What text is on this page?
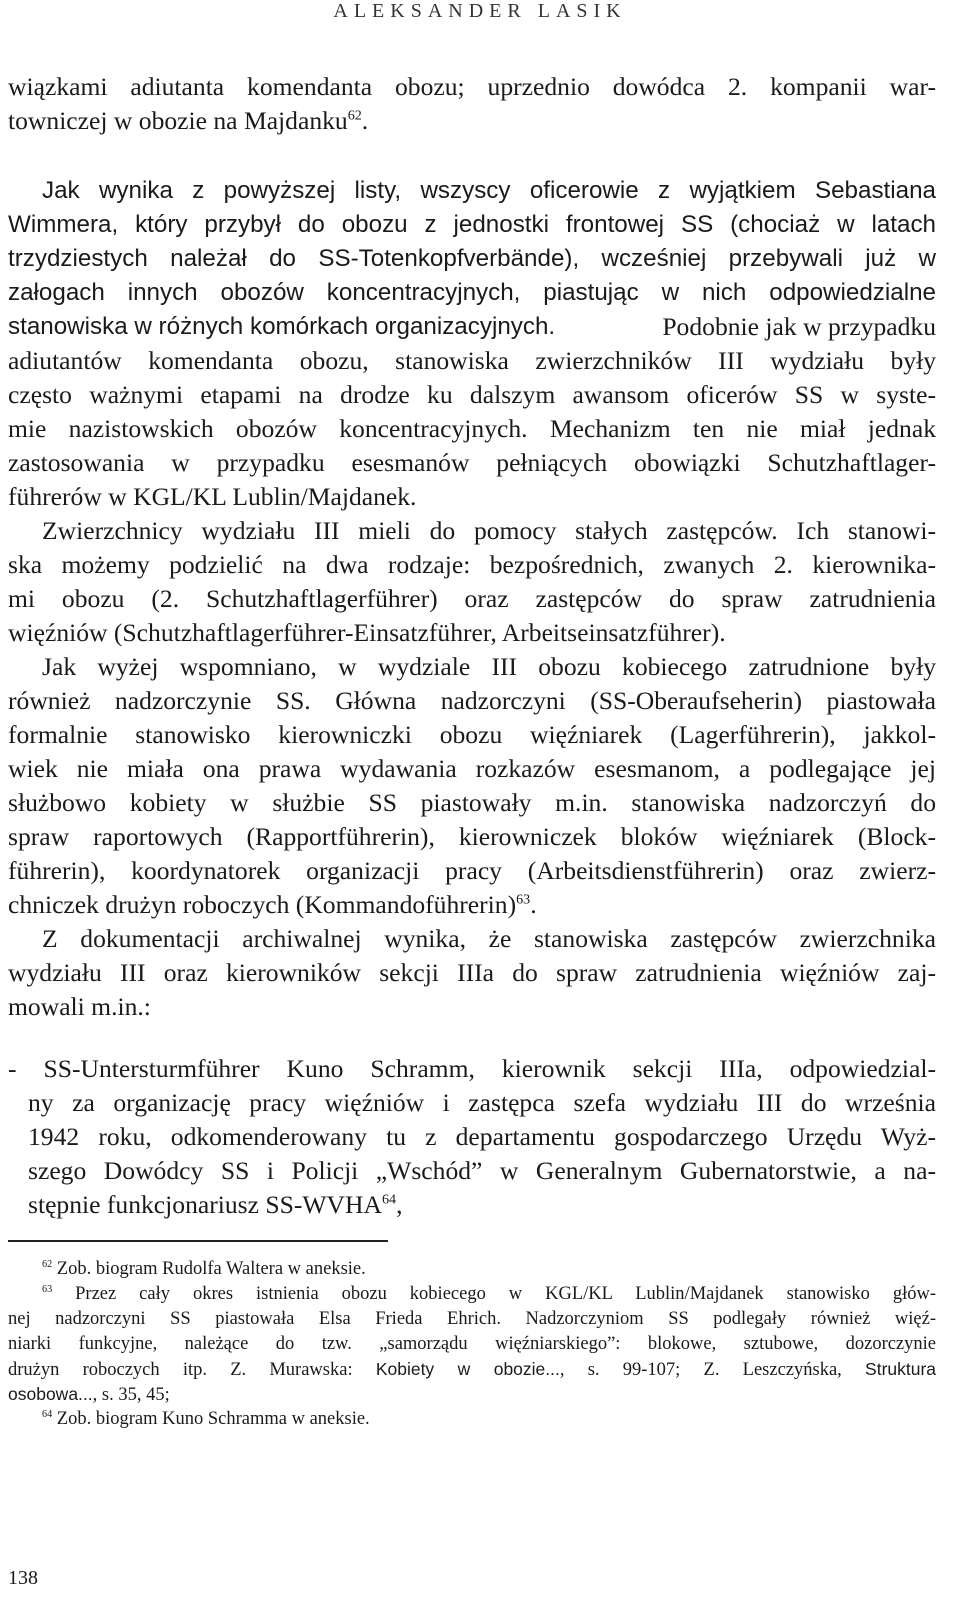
ALEKSANDER LASIK
wiązkami adiutanta komendanta obozu; uprzednio dowódca 2. kompanii war-
towniczej w obozie na Majdanku$^{62}$.
Jak wynika z powyższej listy, wszyscy oficerowie z wyjątkiem Sebastiana
Wimmera, który przybył do obozu z jednostki frontowej SS (chociaż w latach
trzydziestych należał do SS-Totenkopfverbände), wcześniej przebywali już w
załogach innych obozów koncentracyjnych, piastując w nich odpowiedzialne
stanowiska w różnych komórkach organizacyjnych.	Podobnie jak w przypadku
adiutantów komendanta obozu, stanowiska zwierzchników III wydziału były
często ważnymi etapami na drodze ku dalszym awansom oficerów SS w syste-
mie nazistowskich obozów koncentracyjnych. Mechanizm ten nie miał jednak
zastosowania w przypadku esesmanów pełniących obowiązki Schutzhaftlager-
führerów w KGL/KL Lublin/Majdanek.
Zwierzchnicy wydziału III mieli do pomocy stałych zastępców. Ich stanowi-
ska możemy podzielić na dwa rodzaje: bezpośrednich, zwanych 2. kierownika-
mi obozu (2. Schutzhaftlagerführer) oraz zastępców do spraw zatrudnienia
więźniów (Schutzhaftlagerführer-Einsatzführer, Arbeitseinsatzführer).
Jak wyżej wspomniano, w wydziale III obozu kobiecego zatrudnione były
również nadzorczynie SS. Główna nadzorczyni (SS-Oberaufseherin) piastowała
formalnie stanowisko kierowniczki obozu więźniarek (Lagerführerin), jakkol-
wiek nie miała ona prawa wydawania rozkazów esesmanom, a podlegające jej
służbowo kobiety w służbie SS piastowały m.in. stanowiska nadzorczyń do
spraw raportowych (Rapportführerin), kierowniczek bloków więźniarek (Block-
führerin), koordynatorek organizacji pracy (Arbeitsdienstführerin) oraz zwierz-
chniczek drużyn roboczych (Kommandoführerin)$^{63}$.
Z dokumentacji archiwalnej wynika, że stanowiska zastępców zwierzchnika
wydziału III oraz kierowników sekcji IIIa do spraw zatrudnienia więźniów zaj-
mowali m.in.:
- SS-Untersturmführer Kuno Schramm, kierownik sekcji IIIa, odpowiedzial-
ny za organizację pracy więźniów i zastępca szefa wydziału III do września
1942 roku, odkomenderowany tu z departamentu gospodarczego Urzędu Wyż-
szego Dowódcy SS i Policji „Wschód” w Generalnym Gubernatorstwie, a na-
stępnie funkcjonariusz SS-WVHA$^{64}$,
$^{62}$ Zob. biogram Rudolfa Waltera w aneksie.
$^{63}$ Przez cały okres istnienia obozu kobiecego w KGL/KL Lublin/Majdanek stanowisko głów-
nej nadzorczyni SS piastowała Elsa Frieda Ehrich. Nadzorczyniom SS podlegały również więź-
niarki funkcyjne, należące do tzw. „samorządu więźniarskiego”: blokowe, sztubowe, dozorczynie
drużyn roboczych itp. Z. Murawska: Kobiety w obozie..., s. 99-107; Z. Leszczyńska, Struktura
osobowa..., s. 35, 45;
$^{64}$ Zob. biogram Kuno Schramma w aneksie.
138
